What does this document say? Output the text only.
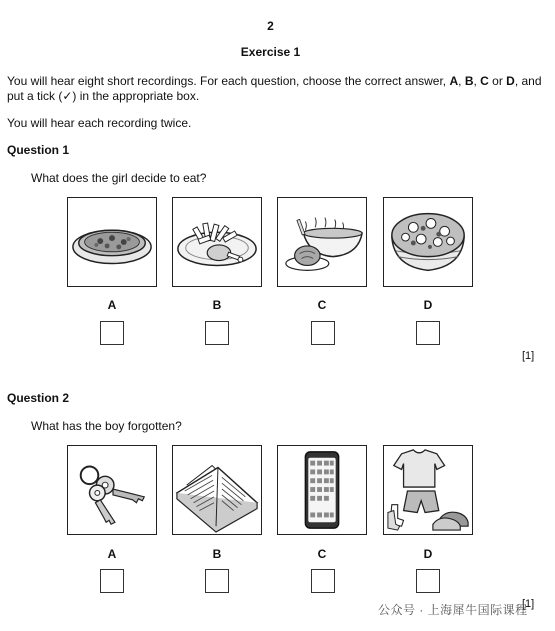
2
Exercise 1
You will hear eight short recordings. For each question, choose the correct answer, A, B, C or D, and put a tick (✓) in the appropriate box.
You will hear each recording twice.
Question 1
What does the girl decide to eat?
A	B	C	D
[1]
Question 2
What has the boy forgotten?
A	B	C	D
[1]
公众号 · 上海犀牛国际课程
